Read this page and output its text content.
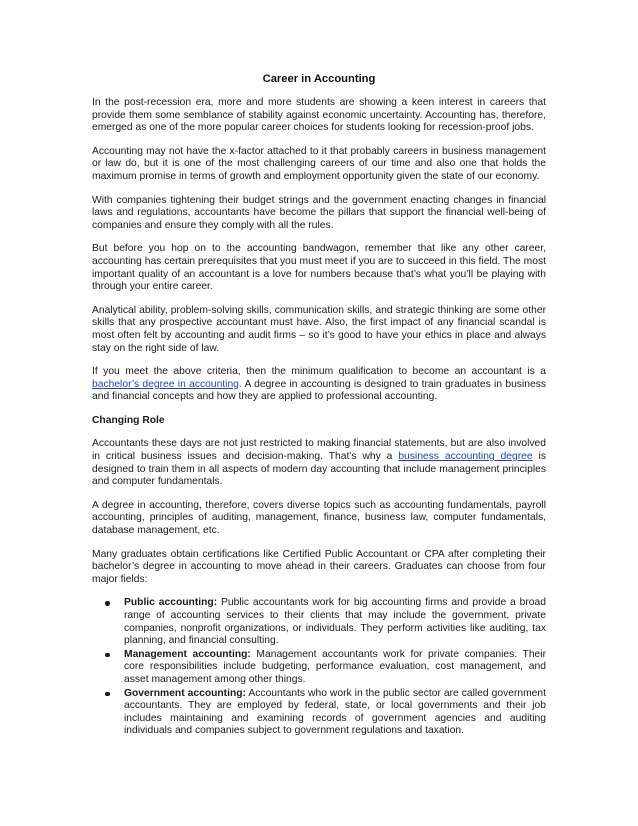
Career in Accounting

In the post-recession era, more and more students are showing a keen interest in careers that provide them some semblance of stability against economic uncertainty. Accounting has, therefore, emerged as one of the more popular career choices for students looking for recession-proof jobs.

Accounting may not have the x-factor attached to it that probably careers in business management or law do, but it is one of the most challenging careers of our time and also one that holds the maximum promise in terms of growth and employment opportunity given the state of our economy.

With companies tightening their budget strings and the government enacting changes in financial laws and regulations, accountants have become the pillars that support the financial well-being of companies and ensure they comply with all the rules.

But before you hop on to the accounting bandwagon, remember that like any other career, accounting has certain prerequisites that you must meet if you are to succeed in this field. The most important quality of an accountant is a love for numbers because that’s what you’ll be playing with through your entire career.

Analytical ability, problem-solving skills, communication skills, and strategic thinking are some other skills that any prospective accountant must have. Also, the first impact of any financial scandal is most often felt by accounting and audit firms – so it’s good to have your ethics in place and always stay on the right side of law.

If you meet the above criteria, then the minimum qualification to become an accountant is a bachelor’s degree in accounting. A degree in accounting is designed to train graduates in business and financial concepts and how they are applied to professional accounting.

Changing Role

Accountants these days are not just restricted to making financial statements, but are also involved in critical business issues and decision-making. That’s why a business accounting degree is designed to train them in all aspects of modern day accounting that include management principles and computer fundamentals.

A degree in accounting, therefore, covers diverse topics such as accounting fundamentals, payroll accounting, principles of auditing, management, finance, business law, computer fundamentals, database management, etc.

Many graduates obtain certifications like Certified Public Accountant or CPA after completing their bachelor’s degree in accounting to move ahead in their careers. Graduates can choose from four major fields:

Public accounting: Public accountants work for big accounting firms and provide a broad range of accounting services to their clients that may include the government, private companies, nonprofit organizations, or individuals. They perform activities like auditing, tax planning, and financial consulting.
Management accounting: Management accountants work for private companies. Their core responsibilities include budgeting, performance evaluation, cost management, and asset management among other things.
Government accounting: Accountants who work in the public sector are called government accountants. They are employed by federal, state, or local governments and their job includes maintaining and examining records of government agencies and auditing individuals and companies subject to government regulations and taxation.
